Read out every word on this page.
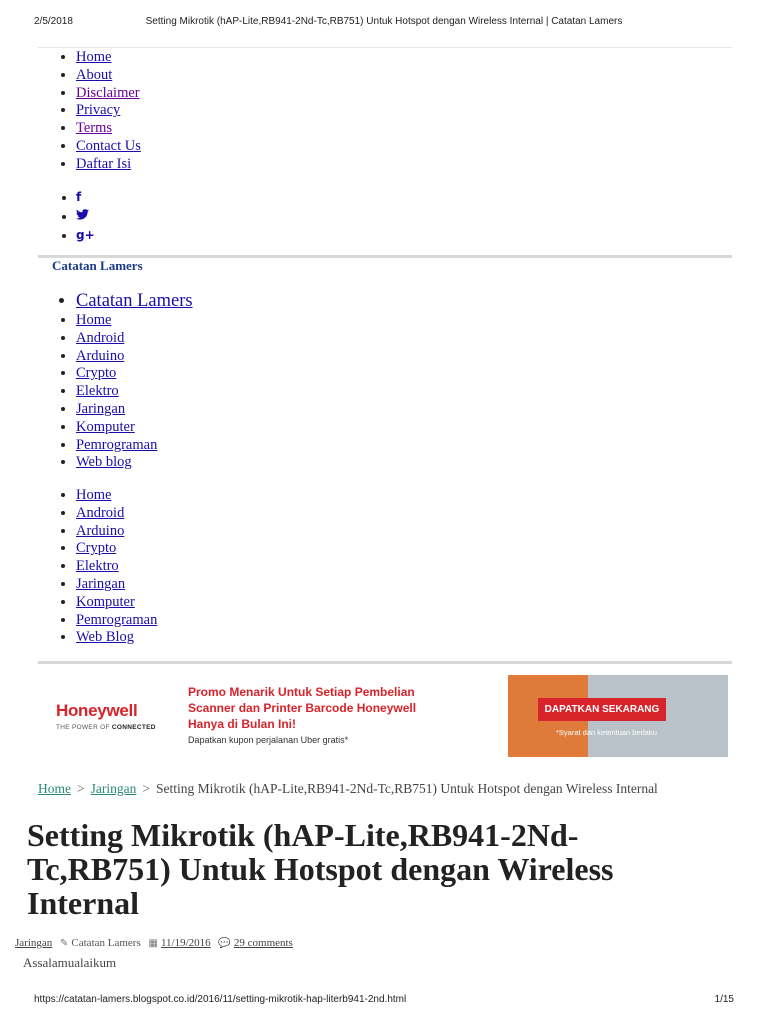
2/5/2018	Setting Mikrotik (hAP-Lite,RB941-2Nd-Tc,RB751) Untuk Hotspot dengan Wireless Internal | Catatan Lamers
• Home
• About
• Disclaimer
• Privacy
• Terms
• Contact Us
• Daftar Isi
• f
•
• g+
Catatan Lamers
• Catatan Lamers
• Home
• Android
• Arduino
• Crypto
• Elektro
• Jaringan
• Komputer
• Pemrograman
• Web blog
• Home
• Android
• Arduino
• Crypto
• Elektro
• Jaringan
• Komputer
• Pemrograman
• Web Blog
Honeywell
THE POWER OF CONNECTED
Promo Menarik Untuk Setiap Pembelian
Scanner dan Printer Barcode Honeywell
Hanya di Bulan Ini!
Dapatkan kupon perjalanan Uber gratis*
DAPATKAN SEKARANG
*Syarat dan ketentuan berlaku
Home > Jaringan > Setting Mikrotik (hAP-Lite,RB941-2Nd-Tc,RB751) Untuk Hotspot dengan Wireless Internal
Setting Mikrotik (hAP-Lite,RB941-2Nd-
Tc,RB751) Untuk Hotspot dengan Wireless
Internal
Jaringan ✎ Catatan Lamers ▦ 11/19/2016 💬 29 comments
Assalamualaikum
https://catatan-lamers.blogspot.co.id/2016/11/setting-mikrotik-hap-literb941-2nd.html	1/15
